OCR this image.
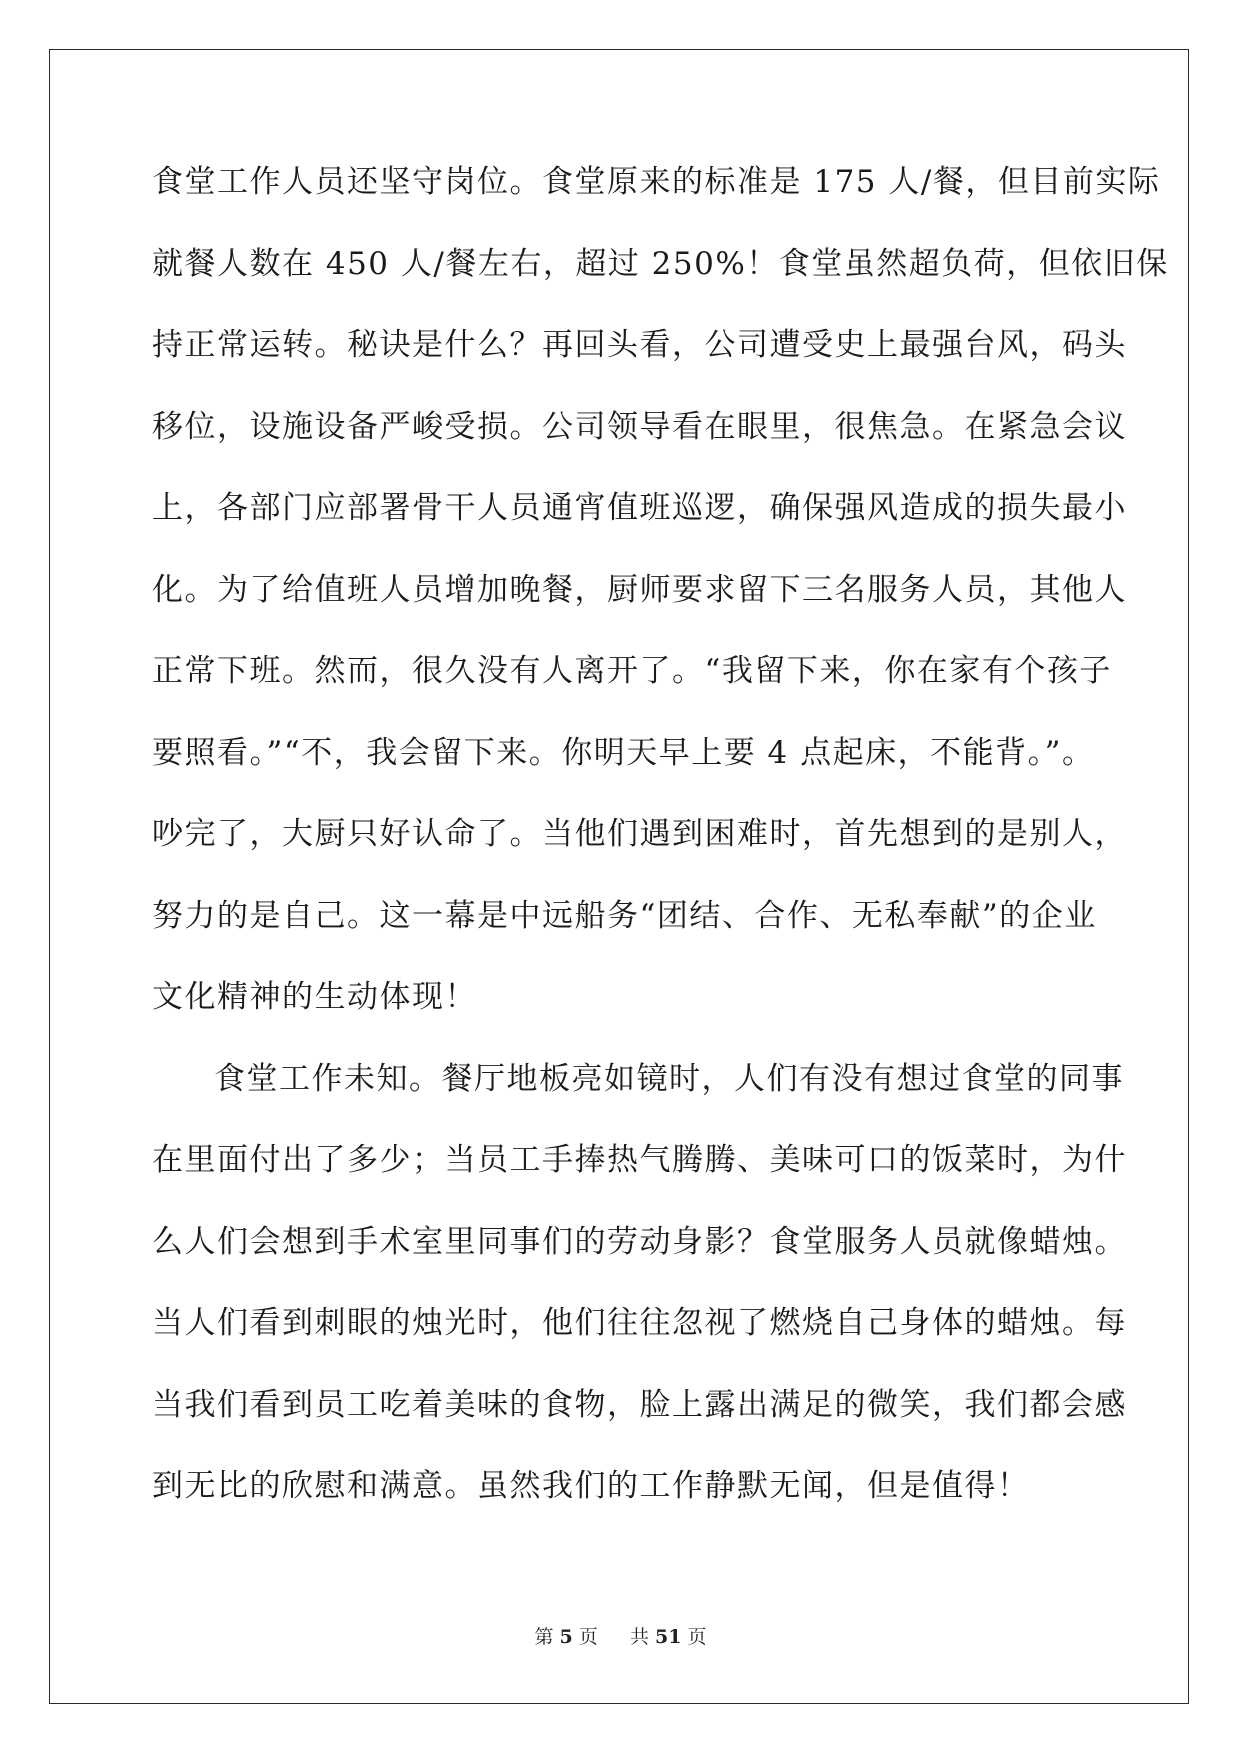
食堂工作人员还坚守岗位。食堂原来的标准是 175 人/餐，但目前实际
就餐人数在 450 人/餐左右，超过 250%！食堂虽然超负荷，但依旧保
持正常运转。秘诀是什么？再回头看，公司遭受史上最强台风，码头
移位，设施设备严峻受损。公司领导看在眼里，很焦急。在紧急会议
上，各部门应部署骨干人员通宵值班巡逻，确保强风造成的损失最小
化。为了给值班人员增加晚餐，厨师要求留下三名服务人员，其他人
正常下班。然而，很久没有人离开了。“我留下来，你在家有个孩子
要照看。”“不，我会留下来。你明天早上要 4 点起床，不能背。”。
吵完了，大厨只好认命了。当他们遇到困难时，首先想到的是别人，
努力的是自己。这一幕是中远船务“团结、合作、无私奉献”的企业
文化精神的生动体现！
食堂工作未知。餐厅地板亮如镜时，人们有没有想过食堂的同事
在里面付出了多少；当员工手捧热气腾腾、美味可口的饭菜时，为什
么人们会想到手术室里同事们的劳动身影？食堂服务人员就像蜡烛。
当人们看到刺眼的烛光时，他们往往忽视了燃烧自己身体的蜡烛。每
当我们看到员工吃着美味的食物，脸上露出满足的微笑，我们都会感
到无比的欣慰和满意。虽然我们的工作静默无闻，但是值得！
第 5 页 共 51 页
